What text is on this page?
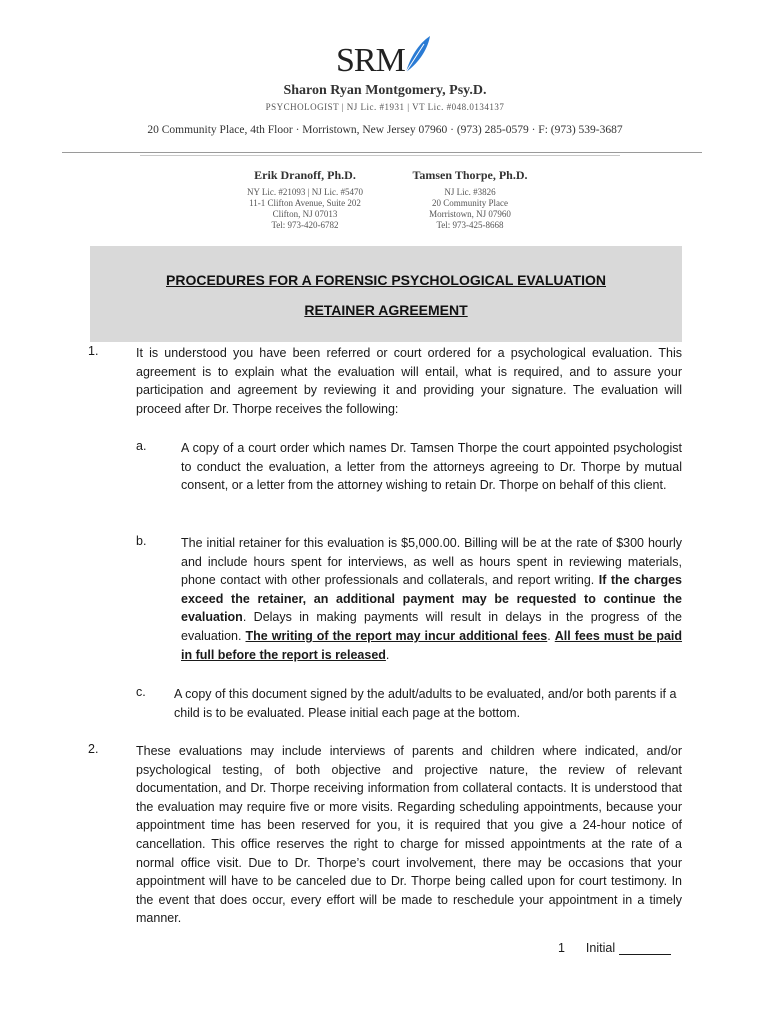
SRM
Sharon Ryan Montgomery, Psy.D.
PSYCHOLOGIST | NJ Lic. #1931 | VT Lic. #048.0134137
20 Community Place, 4th Floor · Morristown, New Jersey 07960 · (973) 285-0579 · F: (973) 539-3687
Erik Dranoff, Ph.D.
NY Lic. #21093 | NJ Lic. #5470
11-1 Clifton Avenue, Suite 202
Clifton, NJ 07013
Tel: 973-420-6782
Tamsen Thorpe, Ph.D.
NJ Lic. #3826
20 Community Place
Morristown, NJ 07960
Tel: 973-425-8668
PROCEDURES FOR A FORENSIC PSYCHOLOGICAL EVALUATION
RETAINER AGREEMENT
1.	It is understood you have been referred or court ordered for a psychological evaluation. This agreement is to explain what the evaluation will entail, what is required, and to assure your participation and agreement by reviewing it and providing your signature. The evaluation will proceed after Dr. Thorpe receives the following:
a.	A copy of a court order which names Dr. Tamsen Thorpe the court appointed psychologist to conduct the evaluation, a letter from the attorneys agreeing to Dr. Thorpe by mutual consent, or a letter from the attorney wishing to retain Dr. Thorpe on behalf of this client.
b.	The initial retainer for this evaluation is $5,000.00. Billing will be at the rate of $300 hourly and include hours spent for interviews, as well as hours spent in reviewing materials, phone contact with other professionals and collaterals, and report writing. If the charges exceed the retainer, an additional payment may be requested to continue the evaluation. Delays in making payments will result in delays in the progress of the evaluation. The writing of the report may incur additional fees. All fees must be paid in full before the report is released.
c. A copy of this document signed by the adult/adults to be evaluated, and/or both parents if a child is to be evaluated. Please initial each page at the bottom.
2.	These evaluations may include interviews of parents and children where indicated, and/or psychological testing, of both objective and projective nature, the review of relevant documentation, and Dr. Thorpe receiving information from collateral contacts. It is understood that the evaluation may require five or more visits. Regarding scheduling appointments, because your appointment time has been reserved for you, it is required that you give a 24-hour notice of cancellation. This office reserves the right to charge for missed appointments at the rate of a normal office visit. Due to Dr. Thorpe’s court involvement, there may be occasions that your appointment will have to be canceled due to Dr. Thorpe being called upon for court testimony. In the event that does occur, every effort will be made to reschedule your appointment in a timely manner.
1 Initial
